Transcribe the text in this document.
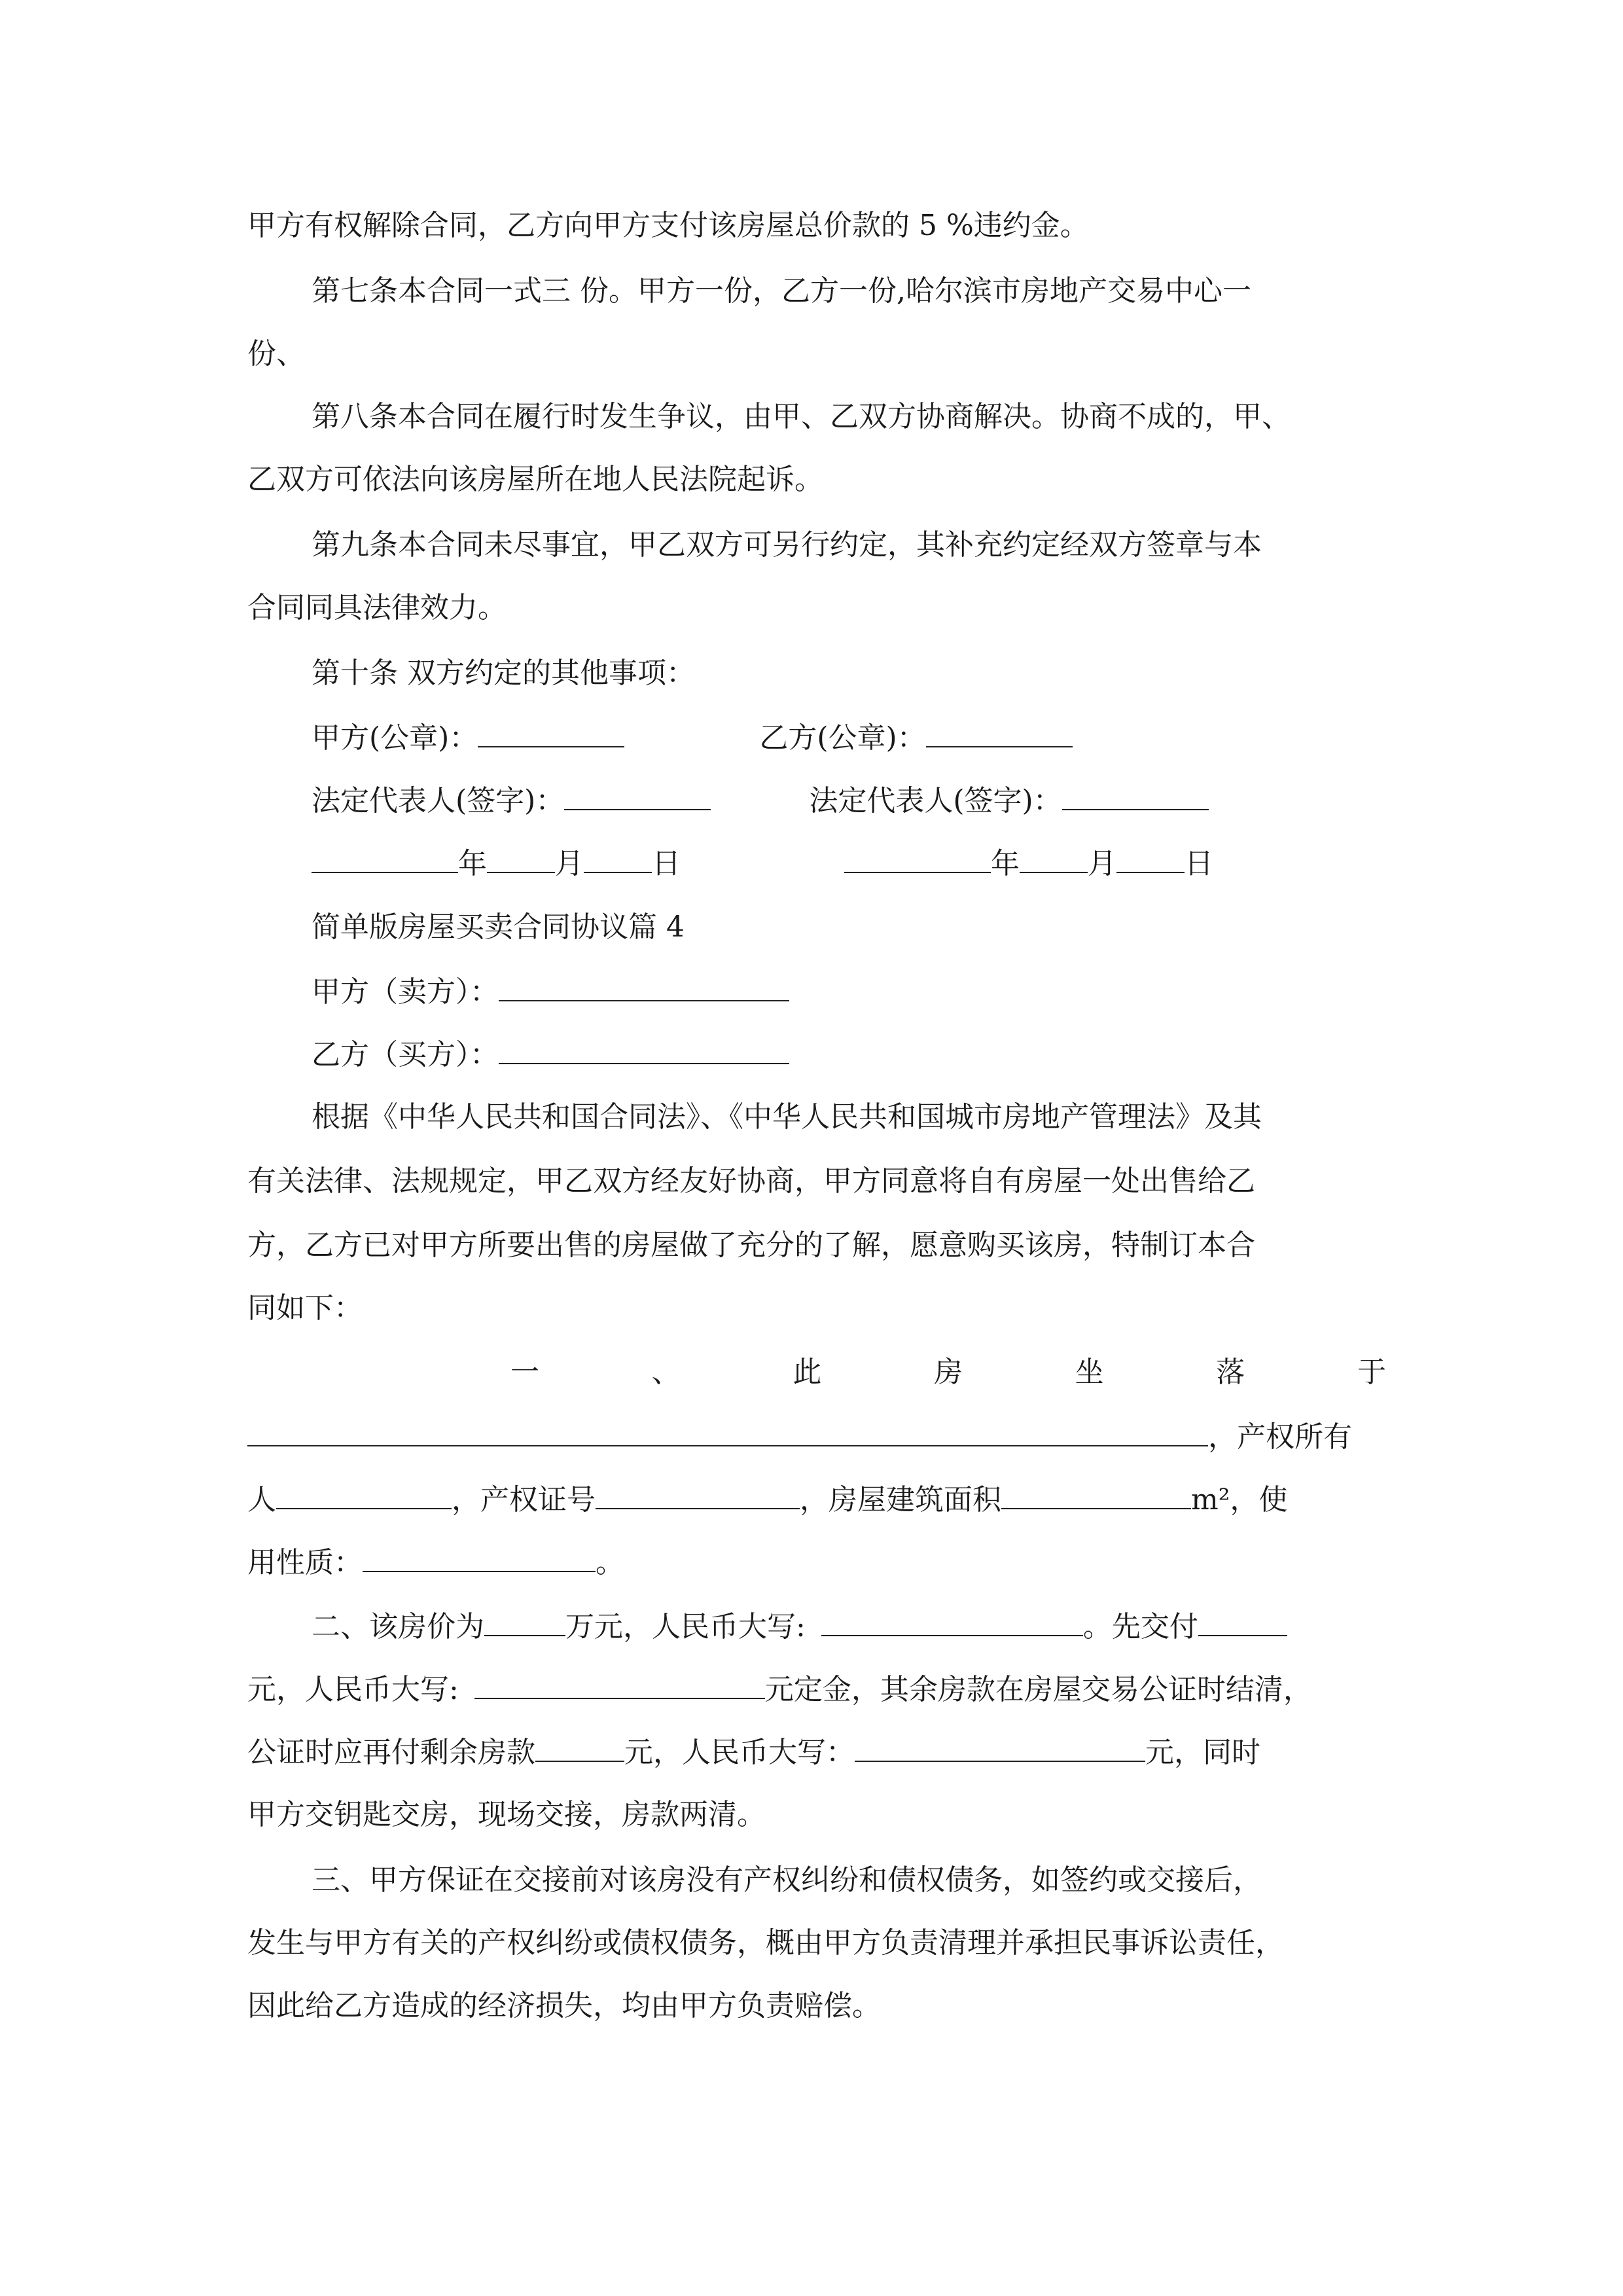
甲方有权解除合同，乙方向甲方支付该房屋总价款的 5 %违约金。
第七条本合同一式三 份。甲方一份，乙方一份,哈尔滨市房地产交易中心一
份、
第八条本合同在履行时发生争议，由甲、乙双方协商解决。协商不成的，甲、
乙双方可依法向该房屋所在地人民法院起诉。
第九条本合同未尽事宜，甲乙双方可另行约定，其补充约定经双方签章与本
合同同具法律效力。
第十条 双方约定的其他事项：
甲方(公章)：	乙方(公章)：
法定代表人(签字)：	法定代表人(签字)：
年 月 日	年 月 日
简单版房屋买卖合同协议篇 4
甲方（卖方）：
乙方（买方）：
根据《中华人民共和国合同法》、《中华人民共和国城市房地产管理法》及其
有关法律、法规规定，甲乙双方经友好协商，甲方同意将自有房屋一处出售给乙
方，乙方已对甲方所要出售的房屋做了充分的了解，愿意购买该房，特制订本合
同如下：
一	、	此	房	坐	落	于
，产权所有
人	，产权证号	，房屋建筑面积	m²，使
用性质：	。
二、该房价为	万元，人民币大写:	。先交付
元，人民币大写:	元定金，其余房款在房屋交易公证时结清，
公证时应再付剩余房款	元，人民币大写：	元，同时
甲方交钥匙交房，现场交接，房款两清。
三、甲方保证在交接前对该房没有产权纠纷和债权债务，如签约或交接后，
发生与甲方有关的产权纠纷或债权债务，概由甲方负责清理并承担民事诉讼责任，
因此给乙方造成的经济损失，均由甲方负责赔偿。
